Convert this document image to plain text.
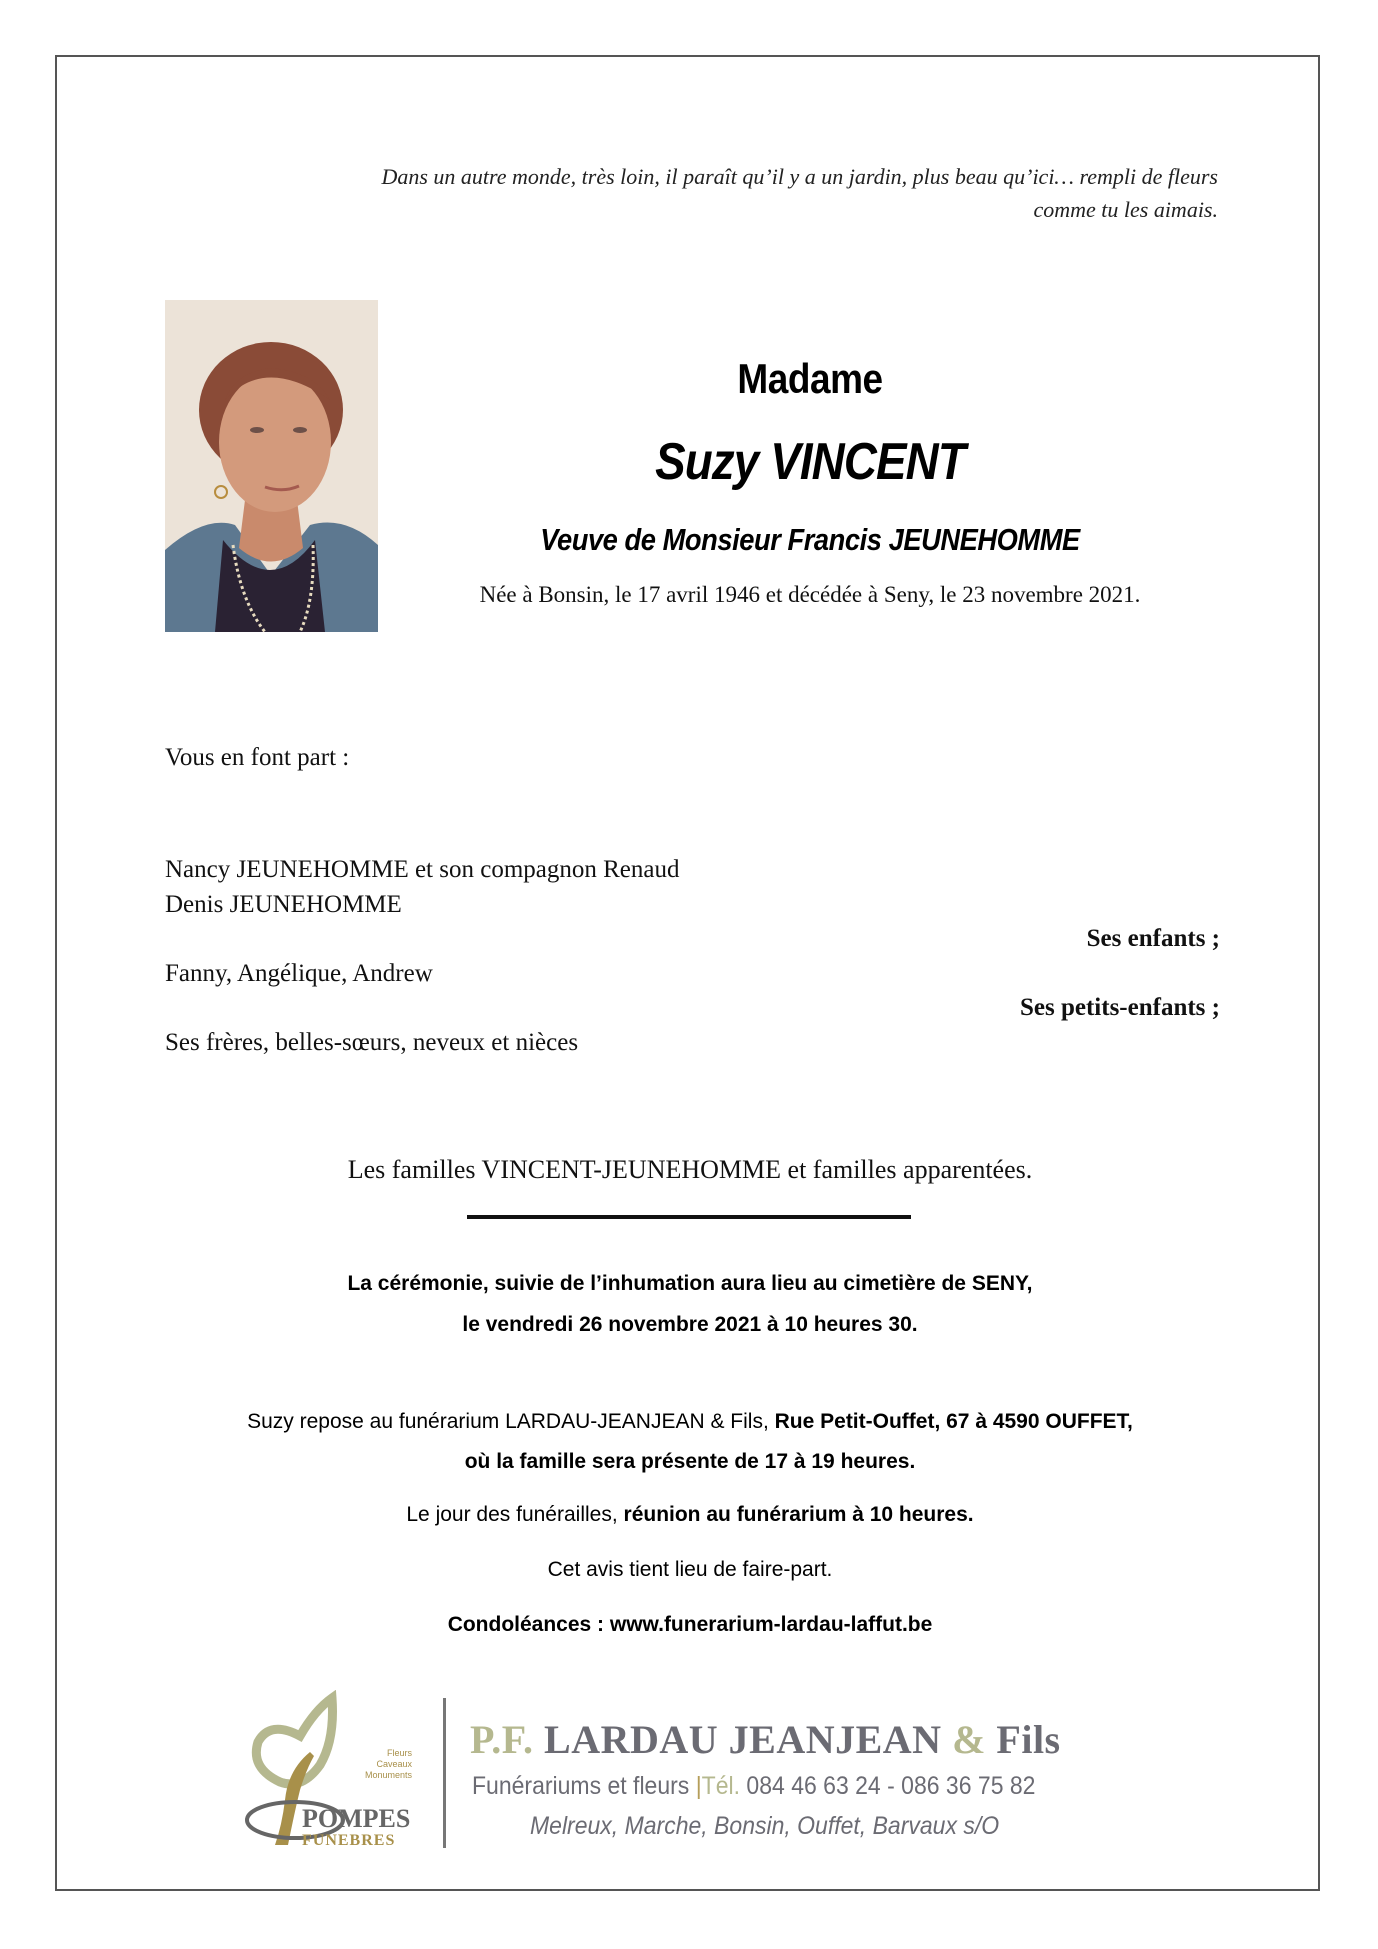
Dans un autre monde, très loin, il paraît qu’il y a un jardin, plus beau qu’ici… rempli de fleurs
comme tu les aimais.
Madame
Suzy VINCENT
Veuve de Monsieur Francis JEUNEHOMME
Née à Bonsin, le 17 avril 1946 et décédée à Seny, le 23 novembre 2021.
Vous en font part :
Nancy JEUNEHOMME et son compagnon Renaud
Denis JEUNEHOMME
Ses enfants ;
Fanny, Angélique, Andrew
Ses petits-enfants ;
Ses frères, belles-sœurs, neveux et nièces
Les familles VINCENT-JEUNEHOMME et familles apparentées.
La cérémonie, suivie de l’inhumation aura lieu au cimetière de SENY,
le vendredi 26 novembre 2021 à 10 heures 30.
Suzy repose au funérarium LARDAU-JEANJEAN & Fils, Rue Petit-Ouffet, 67 à 4590 OUFFET,
où la famille sera présente de 17 à 19 heures.
Le jour des funérailles, réunion au funérarium à 10 heures.
Cet avis tient lieu de faire-part.
Condoléances : www.funerarium-lardau-laffut.be
Fleurs
Caveaux
Monuments
POMPES
FUNEBRES
P.F. LARDAU JEANJEAN & Fils
Funérariums et fleurs |Tél. 084 46 63 24 - 086 36 75 82
Melreux, Marche, Bonsin, Ouffet, Barvaux s/O
